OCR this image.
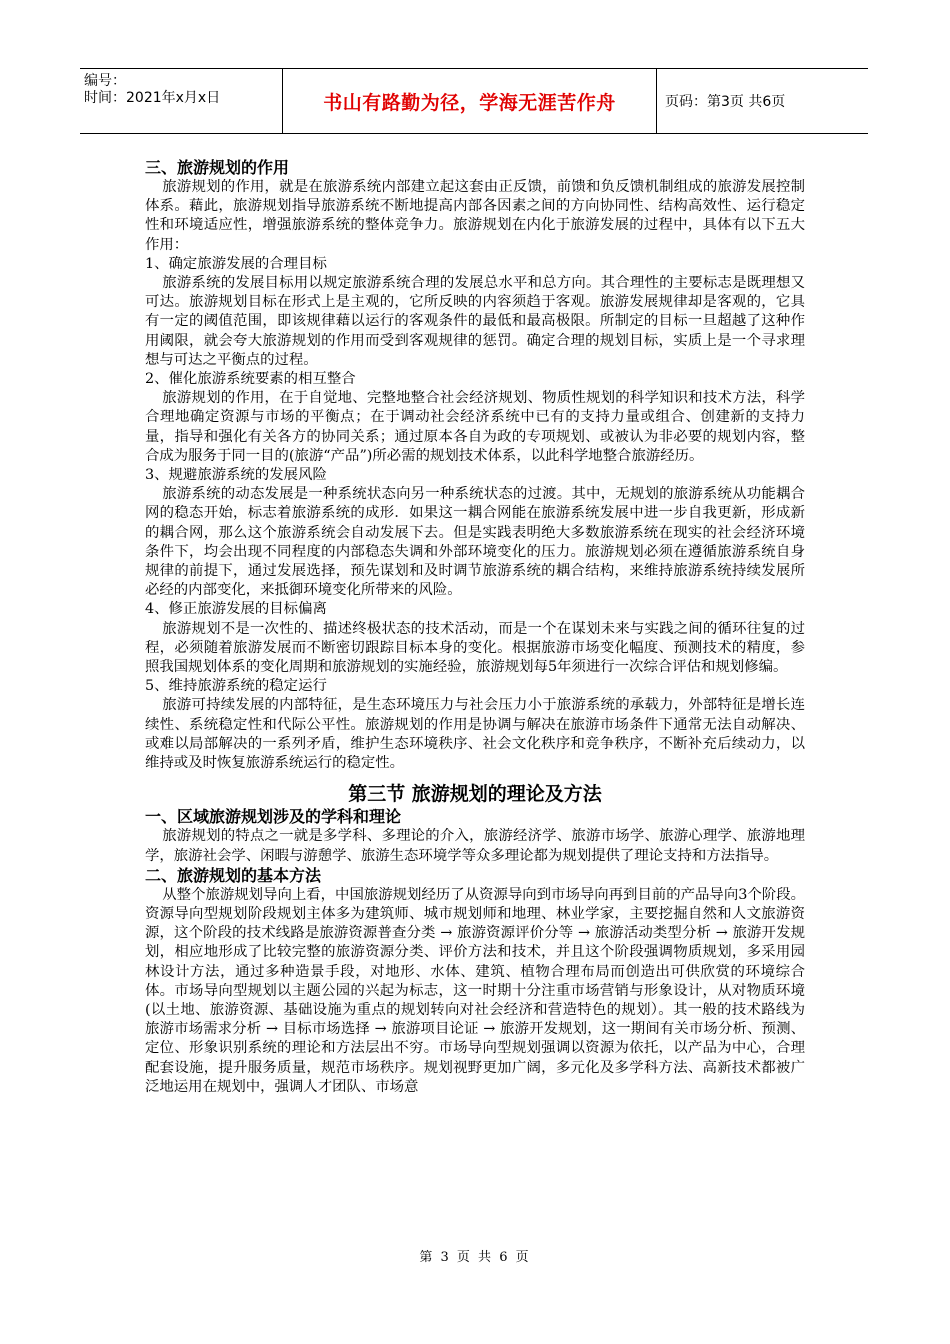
编号：
时间：2021年x月x日	书山有路勤为径，学海无涯苦作舟	页码：第3页 共6页

三、旅游规划的作用

旅游规划的作用，就是在旅游系统内部建立起这套由正反馈，前馈和负反馈机制组成的旅游发展控制体系。藉此，旅游规划指导旅游系统不断地提高内部各因素之间的方向协同性、结构高效性、运行稳定性和环境适应性，增强旅游系统的整体竞争力。旅游规划在内化于旅游发展的过程中，具体有以下五大作用：

1、确定旅游发展的合理目标

旅游系统的发展目标用以规定旅游系统合理的发展总水平和总方向。其合理性的主要标志是既理想又可达。旅游规划目标在形式上是主观的，它所反映的内容须趋于客观。旅游发展规律却是客观的，它具有一定的阈值范围，即该规律藉以运行的客观条件的最低和最高极限。所制定的目标一旦超越了这种作用阈限，就会夸大旅游规划的作用而受到客观规律的惩罚。确定合理的规划目标，实质上是一个寻求理想与可达之平衡点的过程。

2、催化旅游系统要素的相互整合

旅游规划的作用，在于自觉地、完整地整合社会经济规划、物质性规划的科学知识和技术方法，科学合理地确定资源与市场的平衡点；在于调动社会经济系统中已有的支持力量或组合、创建新的支持力量，指导和强化有关各方的协同关系；通过原本各自为政的专项规划、或被认为非必要的规划内容，整合成为服务于同一目的(旅游“产品”)所必需的规划技术体系，以此科学地整合旅游经历。

3、规避旅游系统的发展风险

旅游系统的动态发展是一种系统状态向另一种系统状态的过渡。其中，无规划的旅游系统从功能耦合网的稳态开始，标志着旅游系统的成形．如果这一耦合网能在旅游系统发展中进一步自我更新，形成新的耦合网，那么这个旅游系统会自动发展下去。但是实践表明绝大多数旅游系统在现实的社会经济环境条件下，均会出现不同程度的内部稳态失调和外部环境变化的压力。旅游规划必须在遵循旅游系统自身规律的前提下，通过发展选择，预先谋划和及时调节旅游系统的耦合结构，来维持旅游系统持续发展所必经的内部变化，来抵御环境变化所带来的风险。

4、修正旅游发展的目标偏离

旅游规划不是一次性的、描述终极状态的技术活动，而是一个在谋划未来与实践之间的循环往复的过程，必须随着旅游发展而不断密切跟踪目标本身的变化。根据旅游市场变化幅度、预测技术的精度，参照我国规划体系的变化周期和旅游规划的实施经验，旅游规划每5年须进行一次综合评估和规划修编。

5、维持旅游系统的稳定运行

旅游可持续发展的内部特征，是生态环境压力与社会压力小于旅游系统的承载力，外部特征是增长连续性、系统稳定性和代际公平性。旅游规划的作用是协调与解决在旅游市场条件下通常无法自动解决、或难以局部解决的一系列矛盾，维护生态环境秩序、社会文化秩序和竞争秩序，不断补充后续动力，以维持或及时恢复旅游系统运行的稳定性。

第三节 旅游规划的理论及方法

一、区域旅游规划涉及的学科和理论

旅游规划的特点之一就是多学科、多理论的介入，旅游经济学、旅游市场学、旅游心理学、旅游地理学，旅游社会学、闲暇与游憩学、旅游生态环境学等众多理论都为规划提供了理论支持和方法指导。

二、旅游规划的基本方法

从整个旅游规划导向上看，中国旅游规划经历了从资源导向到市场导向再到目前的产品导向3个阶段。资源导向型规划阶段规划主体多为建筑师、城市规划师和地理、林业学家，主要挖掘自然和人文旅游资源，这个阶段的技术线路是旅游资源普查分类 → 旅游资源评价分等 → 旅游活动类型分析 → 旅游开发规划，相应地形成了比较完整的旅游资源分类、评价方法和技术，并且这个阶段强调物质规划，多采用园林设计方法，通过多种造景手段，对地形、水体、建筑、植物合理布局而创造出可供欣赏的环境综合体。市场导向型规划以主题公园的兴起为标志，这一时期十分注重市场营销与形象设计，从对物质环境(以土地、旅游资源、基础设施为重点的规划转向对社会经济和营造特色的规划）。其一般的技术路线为旅游市场需求分析 → 目标市场选择 → 旅游项目论证 → 旅游开发规划，这一期间有关市场分析、预测、定位、形象识别系统的理论和方法层出不穷。市场导向型规划强调以资源为依托，以产品为中心，合理配套设施，提升服务质量，规范市场秩序。规划视野更加广阔，多元化及多学科方法、高新技术都被广泛地运用在规划中，强调人才团队、市场意

第 3 页 共 6 页
